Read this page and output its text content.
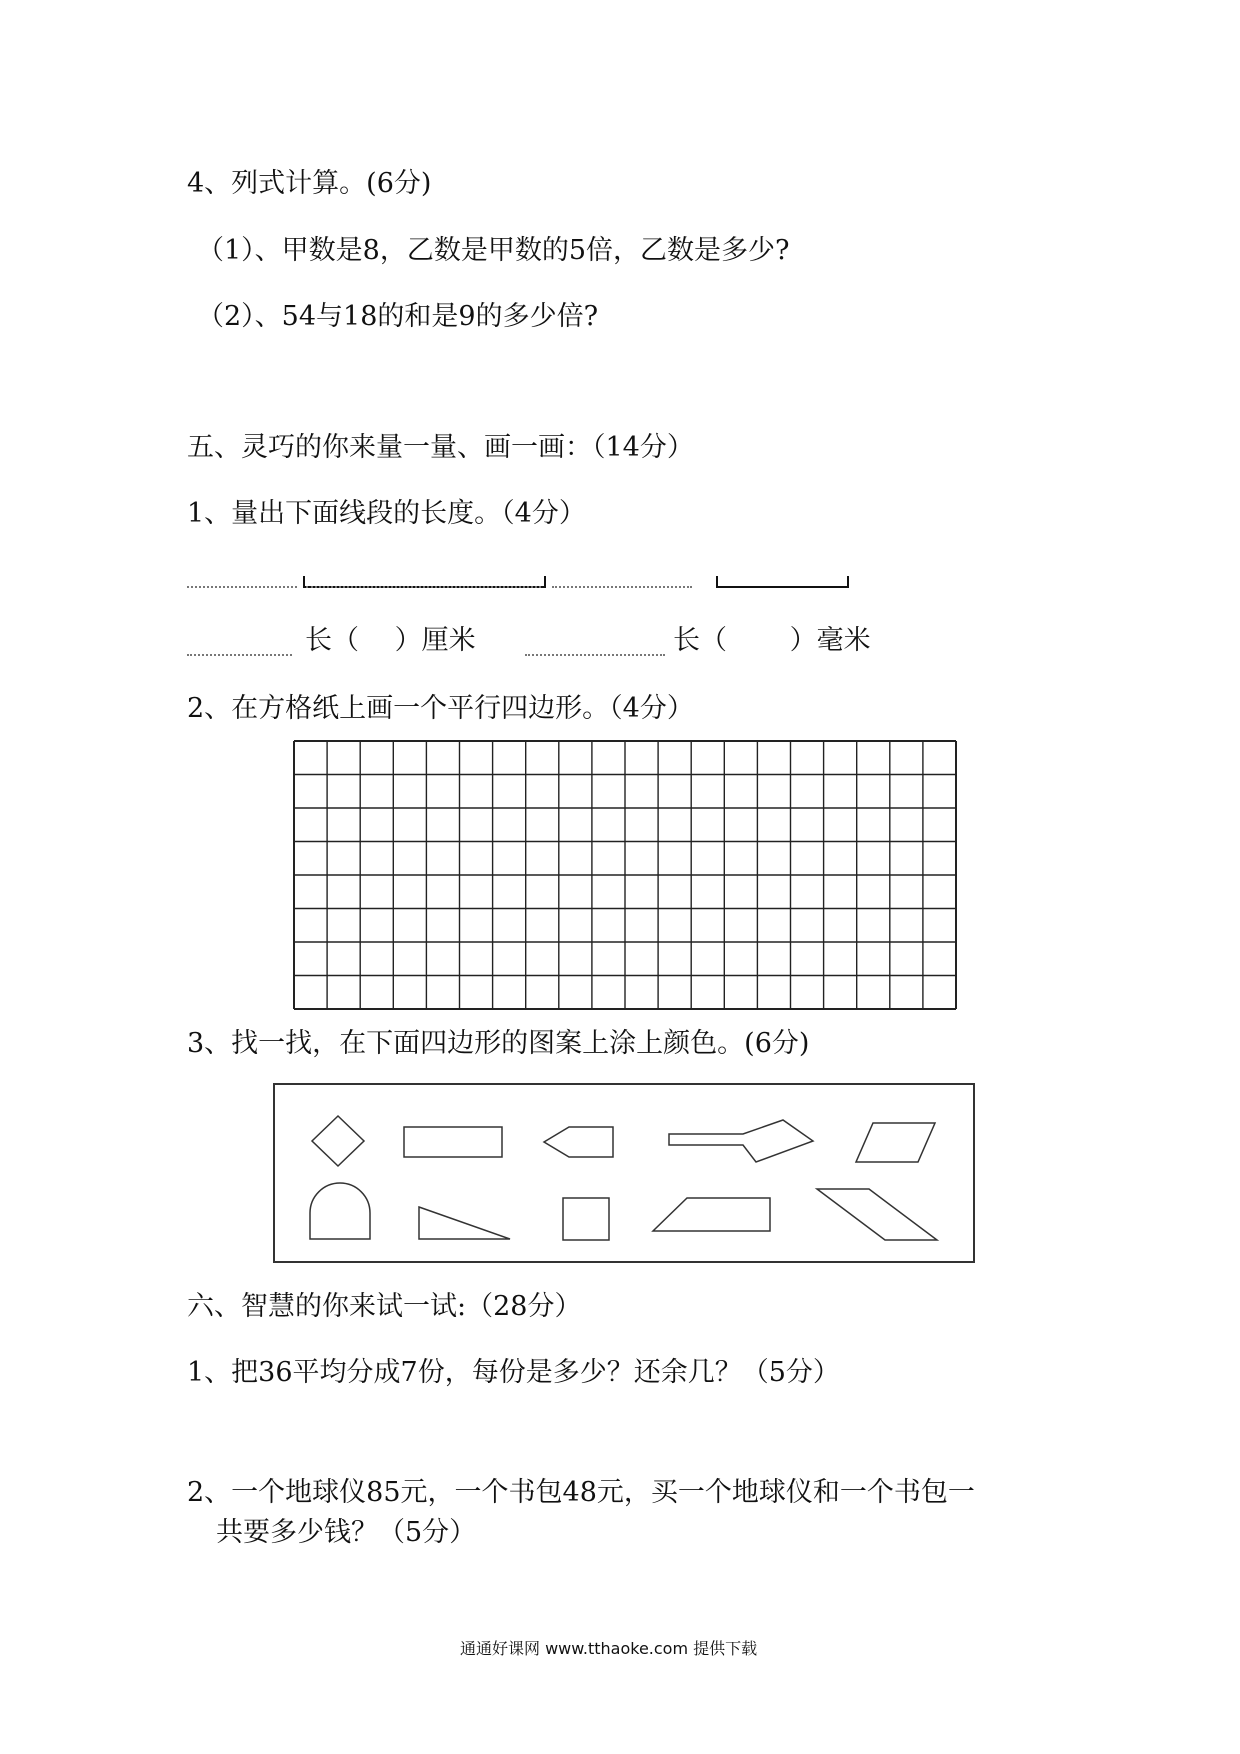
4、列式计算。(6分)
（1）、甲数是8，乙数是甲数的5倍，乙数是多少?
（2）、54与18的和是9的多少倍?
五、灵巧的你来量一量、画一画：（14分）
1、量出下面线段的长度。（4分）
长（　 ）厘米	长（　　 ）毫米
2、在方格纸上画一个平行四边形。（4分）
3、找一找，在下面四边形的图案上涂上颜色。(6分)
六、智慧的你来试一试:（28分）
1、把36平均分成7份，每份是多少？还余几？（5分）
2、一个地球仪85元，一个书包48元，买一个地球仪和一个书包一
共要多少钱？（5分）
通通好课网 www.tthaoke.com 提供下载
